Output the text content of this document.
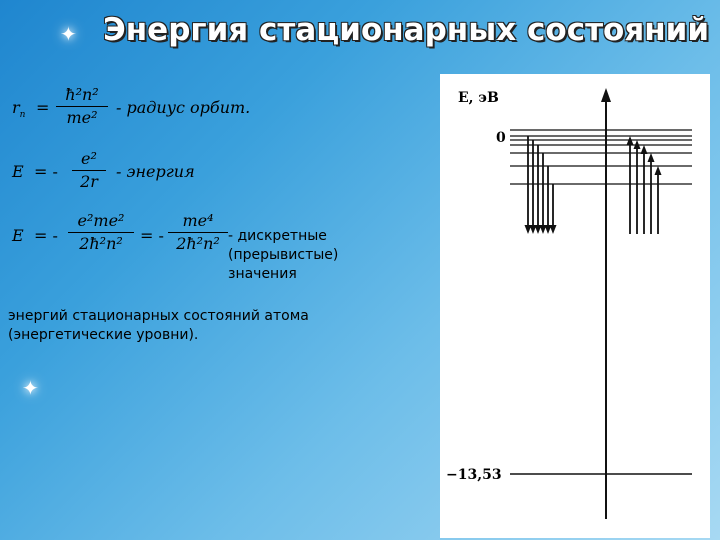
✦
✦
Энергия стационарных состояний
$r_n$ =
ħ²n²
me²
- радиус орбит.
E = -
e²
2r
- энергия
E = -
e²me²
2ħ²n²	= -
me⁴
2ħ²n² - дискретные
(прерывистые)
значения
энергий стационарных состояний атома
(энергетические уровни).
E, эВ
0
−13,53
